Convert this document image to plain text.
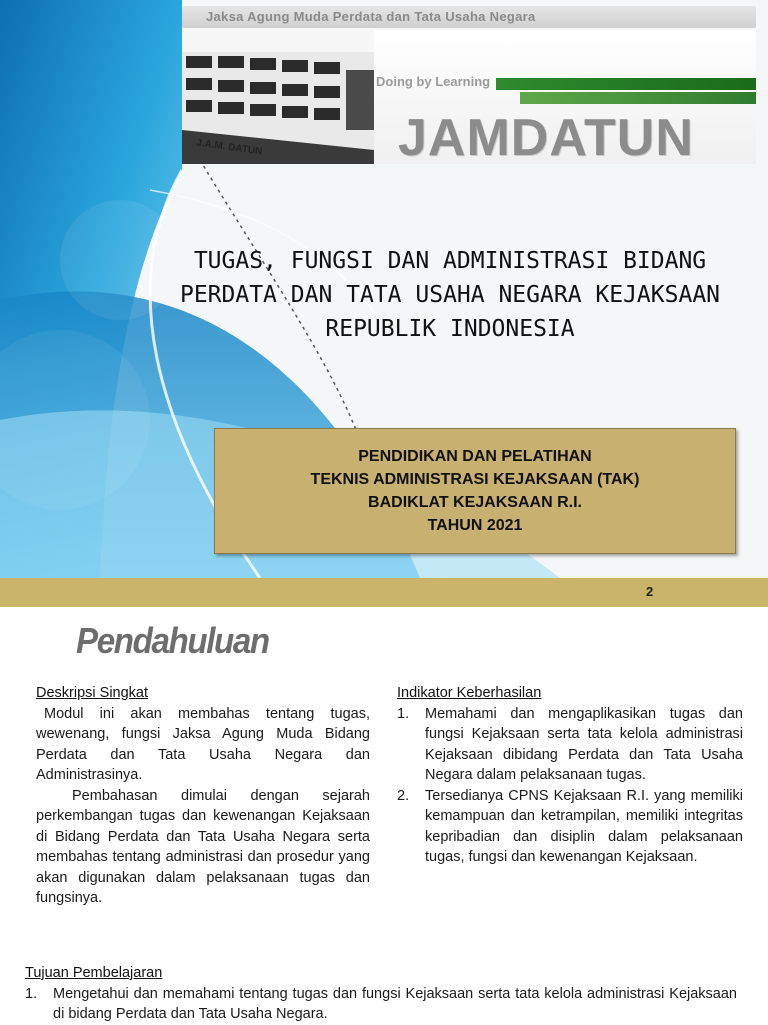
Jaksa Agung Muda Perdata dan Tata Usaha Negara
J.A.M. DATUN
Doing by Learning
JAMDATUN
TUGAS, FUNGSI DAN ADMINISTRASI BIDANG
PERDATA DAN TATA USAHA NEGARA KEJAKSAAN
REPUBLIK INDONESIA
PENDIDIKAN DAN PELATIHAN
TEKNIS ADMINISTRASI KEJAKSAAN (TAK)
BADIKLAT KEJAKSAAN R.I.
TAHUN 2021
2
Pendahuluan
Deskripsi Singkat
Modul ini akan membahas tentang tugas, wewenang, fungsi Jaksa Agung Muda Bidang Perdata dan Tata Usaha Negara dan Administrasinya.
Pembahasan dimulai dengan sejarah perkembangan tugas dan kewenangan Kejaksaan di Bidang Perdata dan Tata Usaha Negara serta membahas tentang administrasi dan prosedur yang akan digunakan dalam pelaksanaan tugas dan fungsinya.
Indikator Keberhasilan
1. Memahami dan mengaplikasikan tugas dan fungsi Kejaksaan serta tata kelola administrasi Kejaksaan dibidang Perdata dan Tata Usaha Negara dalam pelaksanaan tugas.
2. Tersedianya CPNS Kejaksaan R.I. yang memiliki kemampuan dan ketrampilan, memiliki integritas kepribadian dan disiplin dalam pelaksanaan tugas, fungsi dan kewenangan Kejaksaan.
Tujuan Pembelajaran
1. Mengetahui dan memahami tentang tugas dan fungsi Kejaksaan serta tata kelola administrasi Kejaksaan di bidang Perdata dan Tata Usaha Negara.
